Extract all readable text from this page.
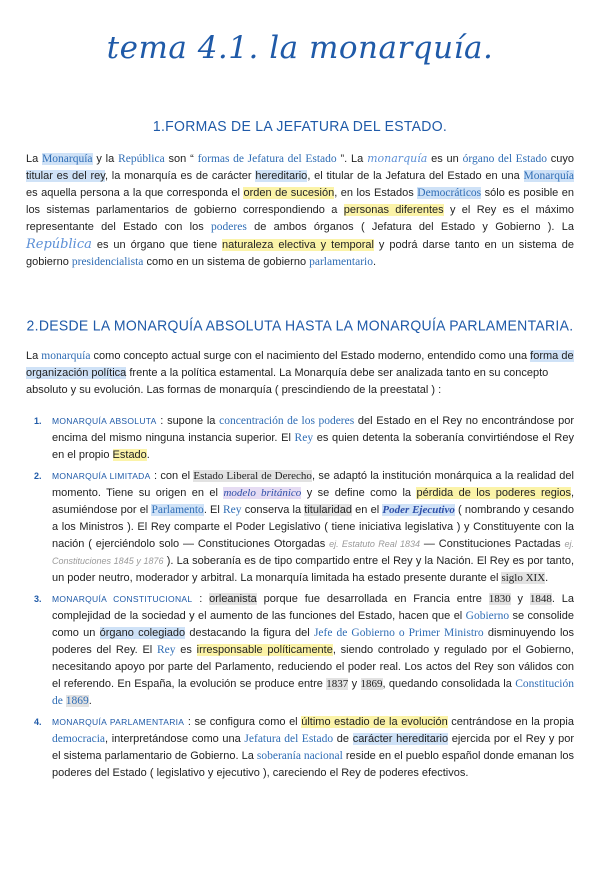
tema 4.1. la monarquía.
1.FORMAS DE LA JEFATURA DEL ESTADO.

La Monarquía y la República son “ formas de Jefatura del Estado ”. La monarquía es un órgano del Estado cuyo titular es del rey, la monarquía es de carácter hereditario, el titular de la Jefatura del Estado en una Monarquía es aquella persona a la que corresponda el orden de sucesión, en los Estados Democráticos sólo es posible en los sistemas parlamentarios de gobierno correspondiendo a personas diferentes y el Rey es el máximo representante del Estado con los poderes de ambos órganos ( Jefatura del Estado y Gobierno ). La República es un órgano que tiene naturaleza electiva y temporal y podrá darse tanto en un sistema de gobierno presidencialista como en un sistema de gobierno parlamentario.

2.DESDE LA MONARQUÍA ABSOLUTA HASTA LA MONARQUÍA PARLAMENTARIA.

La monarquía como concepto actual surge con el nacimiento del Estado moderno, entendido como una forma de organización política frente a la política estamental. La Monarquía debe ser analizada tanto en su concepto absoluto y su evolución. Las formas de monarquía ( prescindiendo de la preestatal ) :

1. MONARQUÍA ABSOLUTA : supone la concentración de los poderes del Estado en el Rey no encontrándose por encima del mismo ninguna instancia superior. El Rey es quien detenta la soberanía convirtiéndose el Rey en el propio Estado.
2. MONARQUÍA LIMITADA : con el Estado Liberal de Derecho, se adaptó la institución monárquica a la realidad del momento. Tiene su origen en el modelo británico y se define como la pérdida de los poderes regios, asumiéndose por el Parlamento. El Rey conserva la titularidad en el Poder Ejecutivo ( nombrando y cesando a los Ministros ). El Rey comparte el Poder Legislativo ( tiene iniciativa legislativa ) y Constituyente con la nación ( ejerciéndolo solo — Constituciones Otorgadas ej. Estatuto Real 1834 — Constituciones Pactadas ej. Constituciones 1845 y 1876 ). La soberanía es de tipo compartido entre el Rey y la Nación. El Rey es por tanto, un poder neutro, moderador y arbitral. La monarquía limitada ha estado presente durante el siglo XIX.
3. MONARQUÍA CONSTITUCIONAL : orleanista porque fue desarrollada en Francia entre 1830 y 1848. La complejidad de la sociedad y el aumento de las funciones del Estado, hacen que el Gobierno se consolide como un órgano colegiado destacando la figura del Jefe de Gobierno o Primer Ministro disminuyendo los poderes del Rey. El Rey es irresponsable políticamente, siendo controlado y regulado por el Gobierno, necesitando apoyo por parte del Parlamento, reduciendo el poder real. Los actos del Rey son válidos con el referendo. En España, la evolución se produce entre 1837 y 1869, quedando consolidada la Constitución de 1869.
4. MONARQUÍA PARLAMENTARIA : se configura como el último estadio de la evolución centrándose en la propia democracia, interpretándose como una Jefatura del Estado de carácter hereditario ejercida por el Rey y por el sistema parlamentario de Gobierno. La soberanía nacional reside en el pueblo español donde emanan los poderes del Estado ( legislativo y ejecutivo ), careciendo el Rey de poderes efectivos.
